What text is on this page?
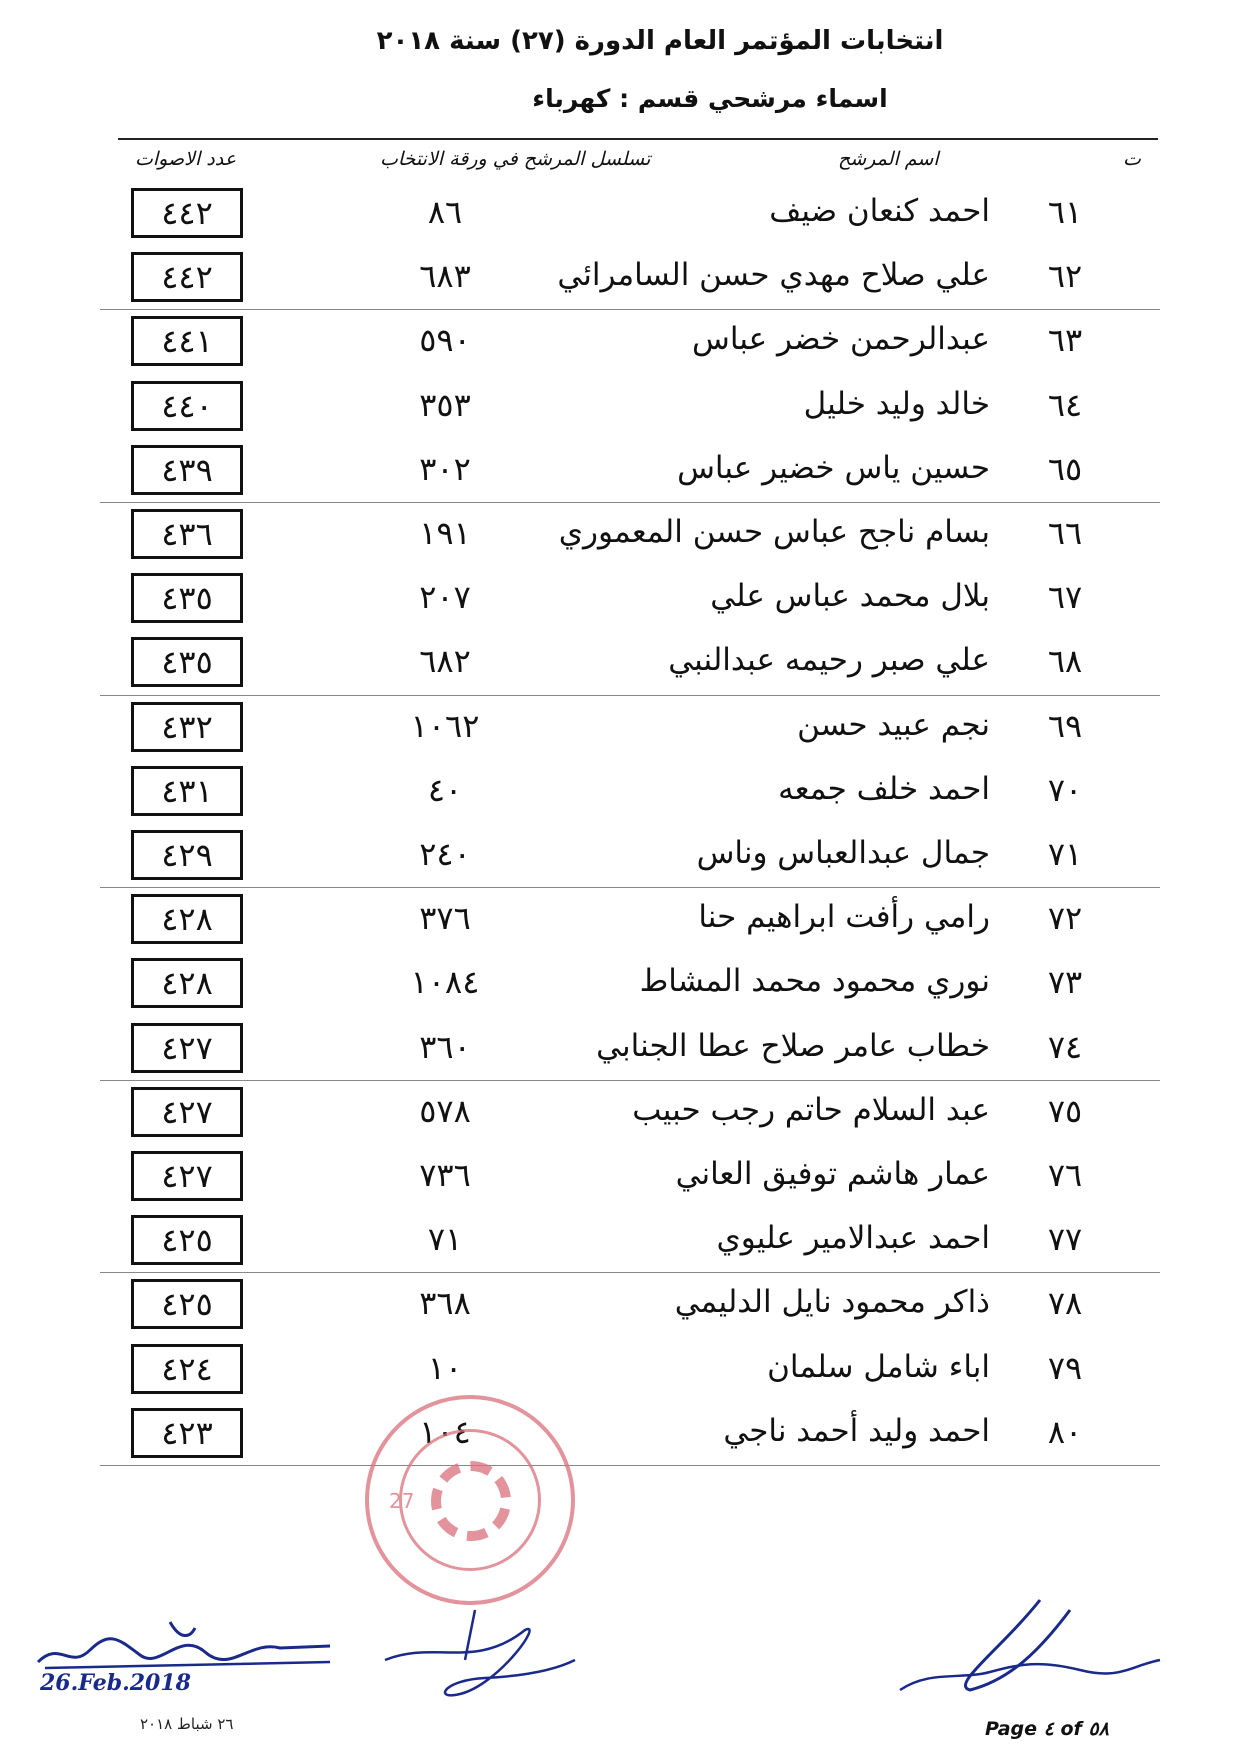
انتخابات المؤتمر العام الدورة (٢٧) سنة ٢٠١٨
اسماء مرشحي قسم : كهرباء
عدد الاصوات	تسلسل المرشح في ورقة الانتخاب	اسم المرشح	ت
٤٤٢	٨٦	احمد كنعان ضيف	٦١
٤٤٢	٦٨٣	علي صلاح مهدي حسن السامرائي	٦٢
٤٤١	٥٩٠	عبدالرحمن خضر عباس	٦٣
٤٤٠	٣٥٣	خالد وليد خليل	٦٤
٤٣٩	٣٠٢	حسين ياس خضير عباس	٦٥
٤٣٦	١٩١	بسام ناجح عباس حسن المعموري	٦٦
٤٣٥	٢٠٧	بلال محمد عباس علي	٦٧
٤٣٥	٦٨٢	علي صبر رحيمه عبدالنبي	٦٨
٤٣٢	١٠٦٢	نجم عبيد حسن	٦٩
٤٣١	٤٠	احمد خلف جمعه	٧٠
٤٢٩	٢٤٠	جمال عبدالعباس وناس	٧١
٤٢٨	٣٧٦	رامي رأفت ابراهيم حنا	٧٢
٤٢٨	١٠٨٤	نوري محمود محمد المشاط	٧٣
٤٢٧	٣٦٠	خطاب عامر صلاح عطا الجنابي	٧٤
٤٢٧	٥٧٨	عبد السلام حاتم رجب حبيب	٧٥
٤٢٧	٧٣٦	عمار هاشم توفيق العاني	٧٦
٤٢٥	٧١	احمد عبدالامير عليوي	٧٧
٤٢٥	٣٦٨	ذاكر محمود نايل الدليمي	٧٨
٤٢٤	١٠	اباء شامل سلمان	٧٩
٤٢٣	١٠٤	احمد وليد أحمد ناجي	٨٠
27
26.Feb.2018
٢٦ شباط ٢٠١٨	Page ٤ of ٥٨
